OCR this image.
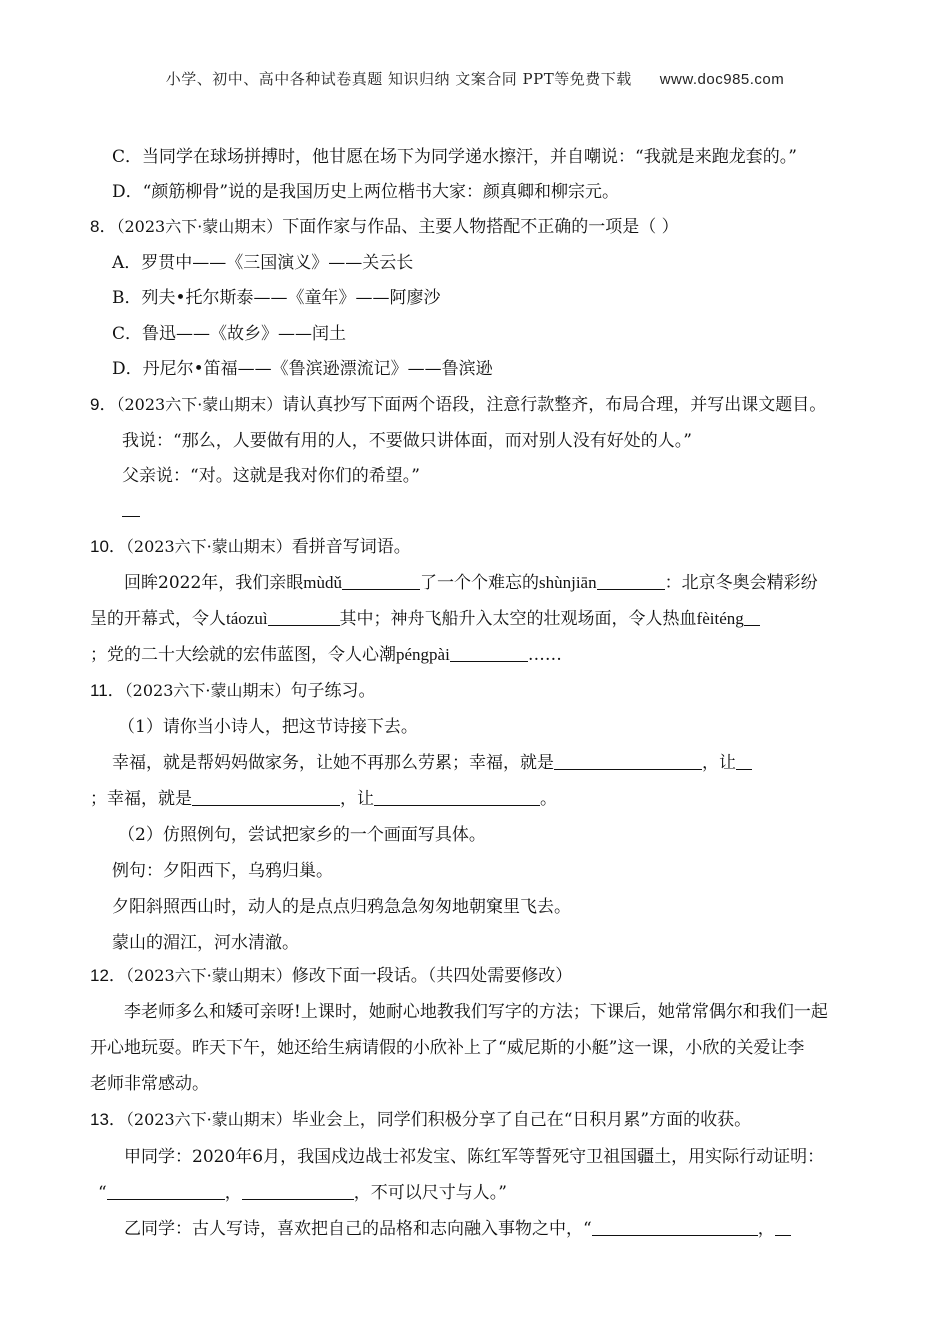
小学、初中、高中各种试卷真题 知识归纳 文案合同 PPT等免费下载 www.doc985.com
C．当同学在球场拼搏时，他甘愿在场下为同学递水擦汗，并自嘲说：“我就是来跑龙套的。”
D．“颜筋柳骨”说的是我国历史上两位楷书大家：颜真卿和柳宗元。
8．（2023六下·蒙山期末）下面作家与作品、主要人物搭配不正确的一项是（ ）
A．罗贯中——《三国演义》——关云长
B．列夫•托尔斯泰——《童年》——阿廖沙
C．鲁迅——《故乡》——闰土
D．丹尼尔•笛福——《鲁滨逊漂流记》——鲁滨逊
9．（2023六下·蒙山期末）请认真抄写下面两个语段，注意行款整齐，布局合理，并写出课文题目。
我说：“那么，人要做有用的人，不要做只讲体面，而对别人没有好处的人。”
父亲说：“对。这就是我对你们的希望。”
10．（2023六下·蒙山期末）看拼音写词语。
回眸2022年，我们亲眼mùdǔ	了一个个难忘的shùnjiān	：北京冬奥会精彩纷
呈的开幕式，令人táozuì	其中；神舟飞船升入太空的壮观场面，令人热血fèiténg
；党的二十大绘就的宏伟蓝图，令人心潮péngpài	……
11．（2023六下·蒙山期末）句子练习。
（1）请你当小诗人，把这节诗接下去。
幸福，就是帮妈妈做家务，让她不再那么劳累；幸福，就是	，让
；幸福，就是	，让	。
（2）仿照例句，尝试把家乡的一个画面写具体。
例句：夕阳西下，乌鸦归巢。
夕阳斜照西山时，动人的是点点归鸦急急匆匆地朝窠里飞去。
蒙山的湄江，河水清澈。
12．（2023六下·蒙山期末）修改下面一段话。（共四处需要修改）
李老师多么和矮可亲呀!上课时，她耐心地教我们写字的方法；下课后，她常常偶尔和我们一起
开心地玩耍。昨天下午，她还给生病请假的小欣补上了“威尼斯的小艇”这一课，小欣的关爱让李
老师非常感动。
13．（2023六下·蒙山期末）毕业会上，同学们积极分享了自己在“日积月累”方面的收获。
甲同学：2020年6月，我国戍边战士祁发宝、陈红军等誓死守卫祖国疆土，用实际行动证明：
“	，	，不可以尺寸与人。”
乙同学：古人写诗，喜欢把自己的品格和志向融入事物之中，“	，
